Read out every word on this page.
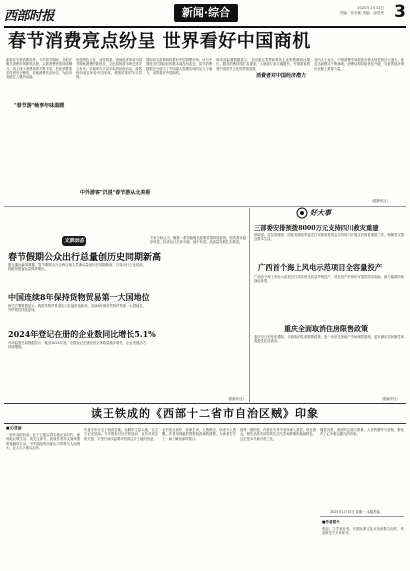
西部时报	新闻·综合	2025年1月13日
责编：张东熙 美编：唐伯虎 3
春节消费亮点纷呈 世界看好中国商机
新春佳节是消费旺季。今年春节期间，各地在假日消费市场繁荣活跃，文旅消费热度持续攀升，线上线下消费场景不断丰富，居民消费需求得到充分释放，各地消费亮点纷呈，为经济发展注入强劲动能。
"春节游"畅享年味温暖
民族特色文化、冰雪旅游、夜间经济等成为春节期间消费的新热点，文化和旅游市场总体安全有序。多地举办丰富多彩的民俗活动，游客纷纷前往体验中国年味，感受浓浓的节日氛围。
国际知名机构纷纷看好中国消费市场，认为中国经济长期向好的基本面没有改变，春节消费数据充分展示了中国超大规模市场的活力与潜力，世界看好中国商机。
中外游客"沉浸"春节游从北美看
消费者对中国经济潜力
商务部监测数据显示，全国重点零售和餐饮企业销售额同比增长，服务消费持续扩容提质，入境游订单大幅增长，外国游客感受中国春节文化的热情高涨。
业内人士表示，中国消费市场展现出强大韧性和巨大潜力，新业态新模式不断涌现，消费结构持续优化升级，为世界经济增长贡献了重要力量。
（据新华社）
文旅动态
春节假期公众出行总量创历史同期新高
据交通运输部数据，春节假期全社会跨区域人员流动量创历史同期新高，自驾出行占比较高，铁路民航客运量保持增长。
中国连续8年保持货物贸易第一大国地位
海关总署数据显示，我国货物贸易进出口总值再创新高，连续8年保持货物贸易第一大国地位，外贸韧性持续显现。
2024年登记在册的企业数同比增长5.1%
市场监管总局数据显示，截至2024年底，全国登记在册经营主体数量稳步增长，企业发展活力持续增强。
专家分析认为，随着一系列稳增长政策效果持续显现，国内需求稳步恢复，经济运行总体平稳、稳中有进，高质量发展扎实推进。
（据新华社）
好大事
三部委安排预拨8000万元支持四川救灾重建
财政部、应急管理部、国家发展改革委近日安排预拨资金支持四川开展灾后恢复重建工作，保障受灾群众基本生活。
广西首个海上风电示范项目全容量投产
广西首个海上风电示范项目日前实现全容量并网投产，项目投产后每年可提供清洁电能，助力能源结构绿色转型。
重庆全面取消住房限售政策
重庆市日前发布通知，全面取消住房限售政策，进一步优化房地产市场调控措施，更好满足居民刚性和改善性住房需求。
（据新华社）
读王铁成的《西部十二省市自治区贼》印象
■文/张丽
一部作品的价值，在于它能否真实地记录时代、深刻地反映生活。读完这部书，我被作者朴实而深情的笔触所打动，书中描绘的西部山川风物与人间烟火，让人久久难以忘怀。
作者多年行走于西部各地，以脚步丈量大地，以文字记录见闻。书中既有对历史的追问，也有对现实的关照，字里行间洋溢着对西部这片土地的热爱。
全书语言质朴，叙事生动，人物鲜活，读来令人感慨。作者用细腻的观察和真诚的情感，为读者打开了一扇了解西部的窗口。
值得一提的是，作者在写作中坚持深入基层、贴近群众，使作品具有浓厚的生活气息和鲜明的地域特色，这正是本书最可贵之处。
掩卷沉思，西部的辽阔与厚重、人民的勤劳与坚韧，都化作了心中难以磨灭的印象。
2025年1月13日 星期一 本版责编
■作者简介
张丽，文学爱好者，长期从事文化评论和散文创作，作品散见于多家报刊。
